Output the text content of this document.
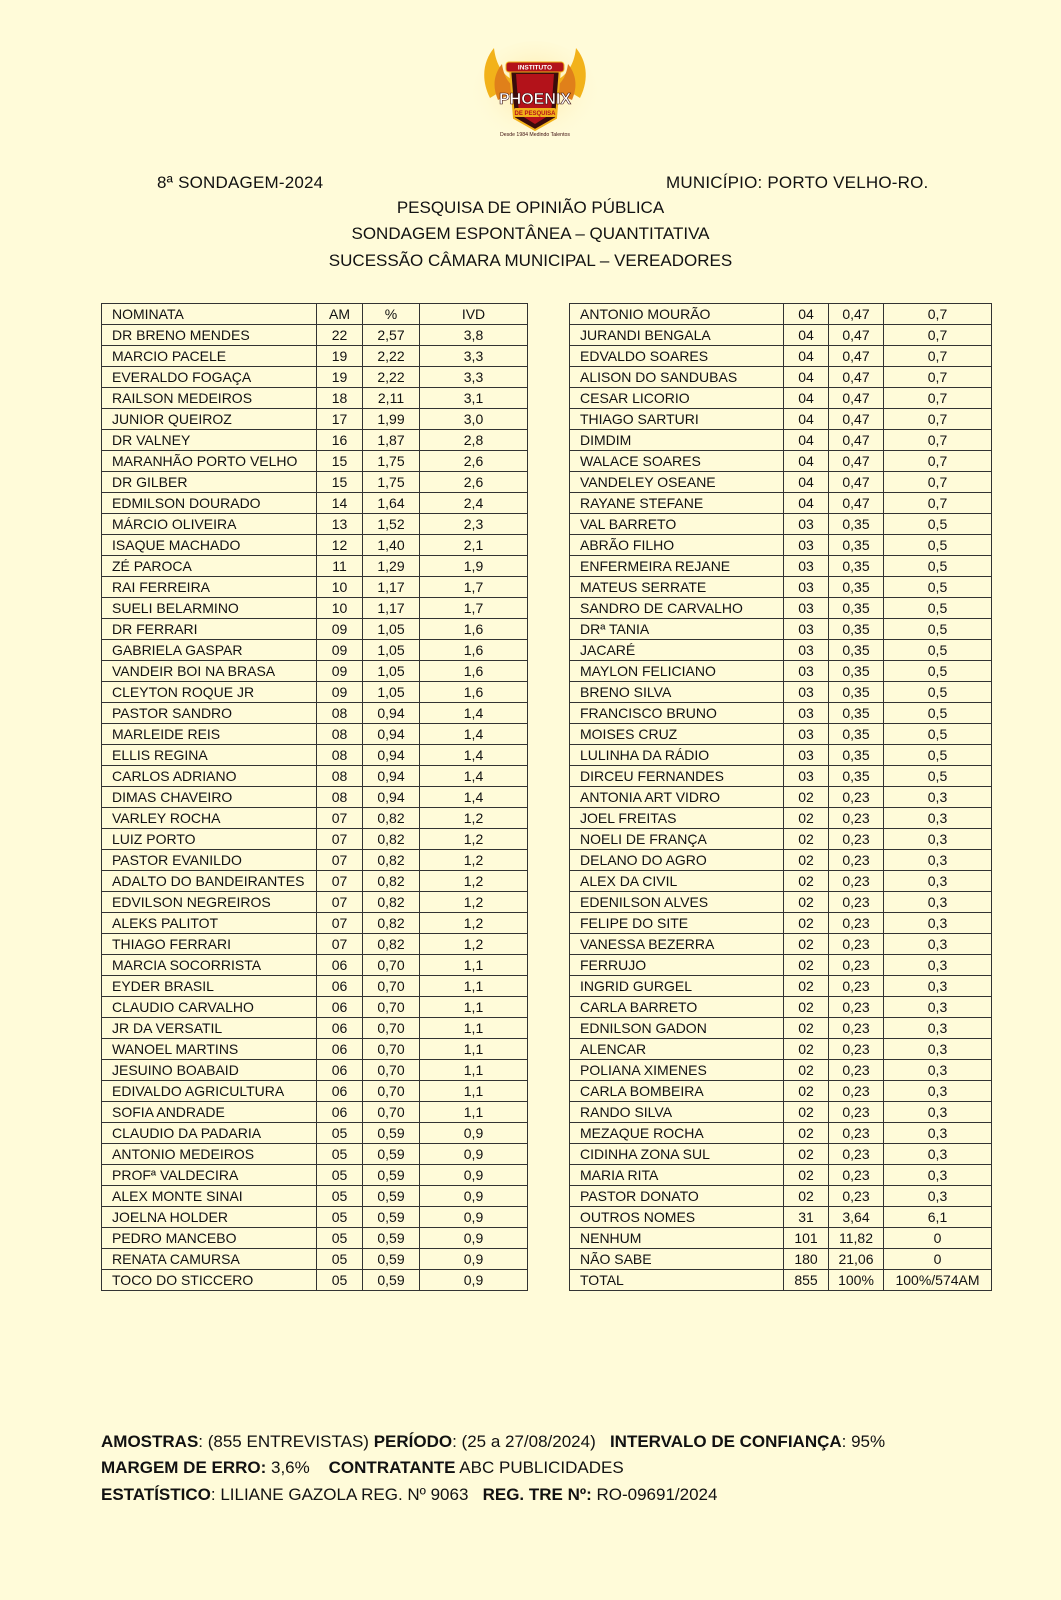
INSTITUTO
PHOENIX
DE PESQUISA
Desde 1984 Medindo Talentos
8ª SONDAGEM-2024	MUNICÍPIO: PORTO VELHO-RO.
PESQUISA DE OPINIÃO PÚBLICA
SONDAGEM ESPONTÂNEA – QUANTITATIVA
SUCESSÃO CÂMARA MUNICIPAL – VEREADORES
NOMINATA	AM	%	IVD
DR BRENO MENDES	22	2,57	3,8
MARCIO PACELE	19	2,22	3,3
EVERALDO FOGAÇA	19	2,22	3,3
RAILSON MEDEIROS	18	2,11	3,1
JUNIOR QUEIROZ	17	1,99	3,0
DR VALNEY	16	1,87	2,8
MARANHÃO PORTO VELHO	15	1,75	2,6
DR GILBER	15	1,75	2,6
EDMILSON DOURADO	14	1,64	2,4
MÁRCIO OLIVEIRA	13	1,52	2,3
ISAQUE MACHADO	12	1,40	2,1
ZÉ PAROCA	11	1,29	1,9
RAI FERREIRA	10	1,17	1,7
SUELI BELARMINO	10	1,17	1,7
DR FERRARI	09	1,05	1,6
GABRIELA GASPAR	09	1,05	1,6
VANDEIR BOI NA BRASA	09	1,05	1,6
CLEYTON ROQUE JR	09	1,05	1,6
PASTOR SANDRO	08	0,94	1,4
MARLEIDE REIS	08	0,94	1,4
ELLIS REGINA	08	0,94	1,4
CARLOS ADRIANO	08	0,94	1,4
DIMAS CHAVEIRO	08	0,94	1,4
VARLEY ROCHA	07	0,82	1,2
LUIZ PORTO	07	0,82	1,2
PASTOR EVANILDO	07	0,82	1,2
ADALTO DO BANDEIRANTES	07	0,82	1,2
EDVILSON NEGREIROS	07	0,82	1,2
ALEKS PALITOT	07	0,82	1,2
THIAGO FERRARI	07	0,82	1,2
MARCIA SOCORRISTA	06	0,70	1,1
EYDER BRASIL	06	0,70	1,1
CLAUDIO CARVALHO	06	0,70	1,1
JR DA VERSATIL	06	0,70	1,1
WANOEL MARTINS	06	0,70	1,1
JESUINO BOABAID	06	0,70	1,1
EDIVALDO AGRICULTURA	06	0,70	1,1
SOFIA ANDRADE	06	0,70	1,1
CLAUDIO DA PADARIA	05	0,59	0,9
ANTONIO MEDEIROS	05	0,59	0,9
PROFª VALDECIRA	05	0,59	0,9
ALEX MONTE SINAI	05	0,59	0,9
JOELNA HOLDER	05	0,59	0,9
PEDRO MANCEBO	05	0,59	0,9
RENATA CAMURSA	05	0,59	0,9
TOCO DO STICCERO	05	0,59	0,9
ANTONIO MOURÃO	04	0,47	0,7
JURANDI BENGALA	04	0,47	0,7
EDVALDO SOARES	04	0,47	0,7
ALISON DO SANDUBAS	04	0,47	0,7
CESAR LICORIO	04	0,47	0,7
THIAGO SARTURI	04	0,47	0,7
DIMDIM	04	0,47	0,7
WALACE SOARES	04	0,47	0,7
VANDELEY OSEANE	04	0,47	0,7
RAYANE STEFANE	04	0,47	0,7
VAL BARRETO	03	0,35	0,5
ABRÃO FILHO	03	0,35	0,5
ENFERMEIRA REJANE	03	0,35	0,5
MATEUS SERRATE	03	0,35	0,5
SANDRO DE CARVALHO	03	0,35	0,5
DRª TANIA	03	0,35	0,5
JACARÉ	03	0,35	0,5
MAYLON FELICIANO	03	0,35	0,5
BRENO SILVA	03	0,35	0,5
FRANCISCO BRUNO	03	0,35	0,5
MOISES CRUZ	03	0,35	0,5
LULINHA DA RÁDIO	03	0,35	0,5
DIRCEU FERNANDES	03	0,35	0,5
ANTONIA ART VIDRO	02	0,23	0,3
JOEL FREITAS	02	0,23	0,3
NOELI DE FRANÇA	02	0,23	0,3
DELANO DO AGRO	02	0,23	0,3
ALEX DA CIVIL	02	0,23	0,3
EDENILSON ALVES	02	0,23	0,3
FELIPE DO SITE	02	0,23	0,3
VANESSA BEZERRA	02	0,23	0,3
FERRUJO	02	0,23	0,3
INGRID GURGEL	02	0,23	0,3
CARLA BARRETO	02	0,23	0,3
EDNILSON GADON	02	0,23	0,3
ALENCAR	02	0,23	0,3
POLIANA XIMENES	02	0,23	0,3
CARLA BOMBEIRA	02	0,23	0,3
RANDO SILVA	02	0,23	0,3
MEZAQUE ROCHA	02	0,23	0,3
CIDINHA ZONA SUL	02	0,23	0,3
MARIA RITA	02	0,23	0,3
PASTOR DONATO	02	0,23	0,3
OUTROS NOMES	31	3,64	6,1
NENHUM	101	11,82	0
NÃO SABE	180	21,06	0
TOTAL	855	100%	100%/574AM
AMOSTRAS: (855 ENTREVISTAS) PERÍODO: (25 a 27/08/2024)   INTERVALO DE CONFIANÇA: 95%
MARGEM DE ERRO: 3,6%    CONTRATANTE ABC PUBLICIDADES
ESTATÍSTICO: LILIANE GAZOLA REG. Nº 9063   REG. TRE Nº: RO-09691/2024
